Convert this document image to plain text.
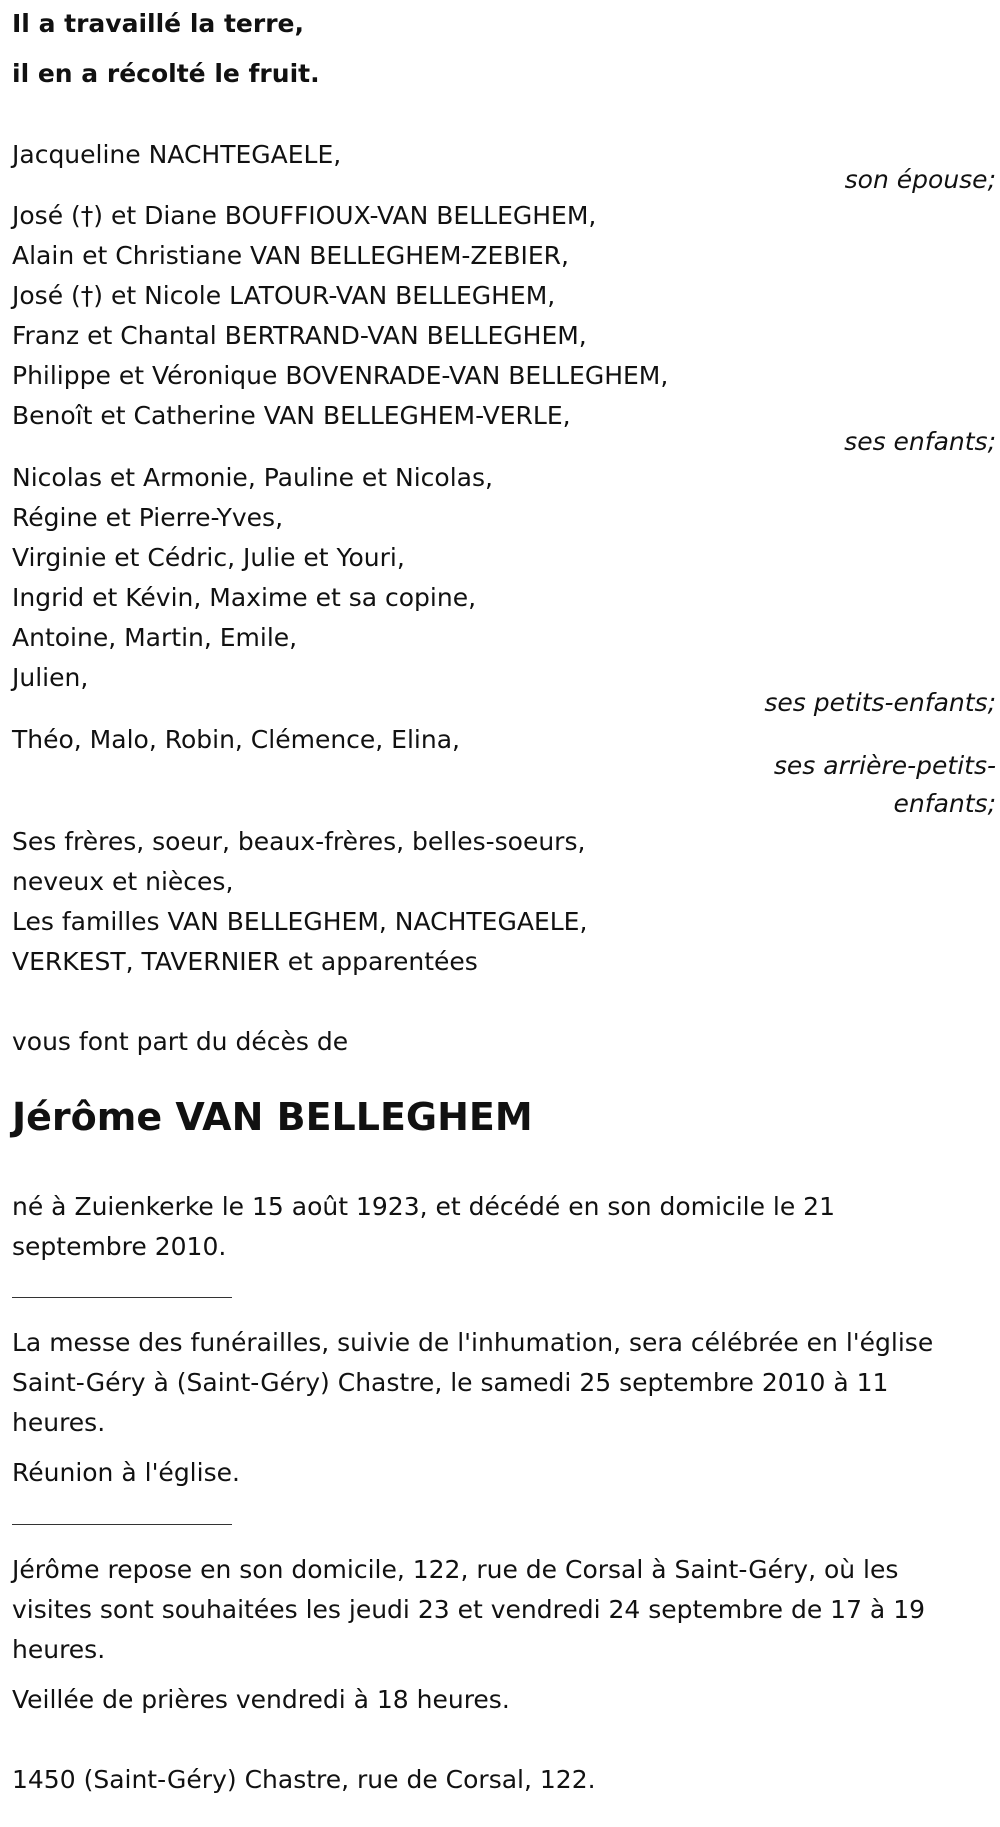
Il a travaillé la terre,
il en a récolté le fruit.
Jacqueline NACHTEGAELE,
son épouse;
José (†) et Diane BOUFFIOUX-VAN BELLEGHEM,
Alain et Christiane VAN BELLEGHEM-ZEBIER,
José (†) et Nicole LATOUR-VAN BELLEGHEM,
Franz et Chantal BERTRAND-VAN BELLEGHEM,
Philippe et Véronique BOVENRADE-VAN BELLEGHEM,
Benoît et Catherine VAN BELLEGHEM-VERLE,
ses enfants;
Nicolas et Armonie, Pauline et Nicolas,
Régine et Pierre-Yves,
Virginie et Cédric, Julie et Youri,
Ingrid et Kévin, Maxime et sa copine,
Antoine, Martin, Emile,
Julien,
ses petits-enfants;
Théo, Malo, Robin, Clémence, Elina,
ses arrière-petits-
enfants;
Ses frères, soeur, beaux-frères, belles-soeurs,
neveux et nièces,
Les familles VAN BELLEGHEM, NACHTEGAELE,
VERKEST, TAVERNIER et apparentées
vous font part du décès de
Jérôme VAN BELLEGHEM
né à Zuienkerke le 15 août 1923, et décédé en son domicile le 21
septembre 2010.
La messe des funérailles, suivie de l'inhumation, sera célébrée en l'église
Saint-Géry à (Saint-Géry) Chastre, le samedi 25 septembre 2010 à 11
heures.
Réunion à l'église.
Jérôme repose en son domicile, 122, rue de Corsal à Saint-Géry, où les
visites sont souhaitées les jeudi 23 et vendredi 24 septembre de 17 à 19
heures.
Veillée de prières vendredi à 18 heures.
1450 (Saint-Géry) Chastre, rue de Corsal, 122.
